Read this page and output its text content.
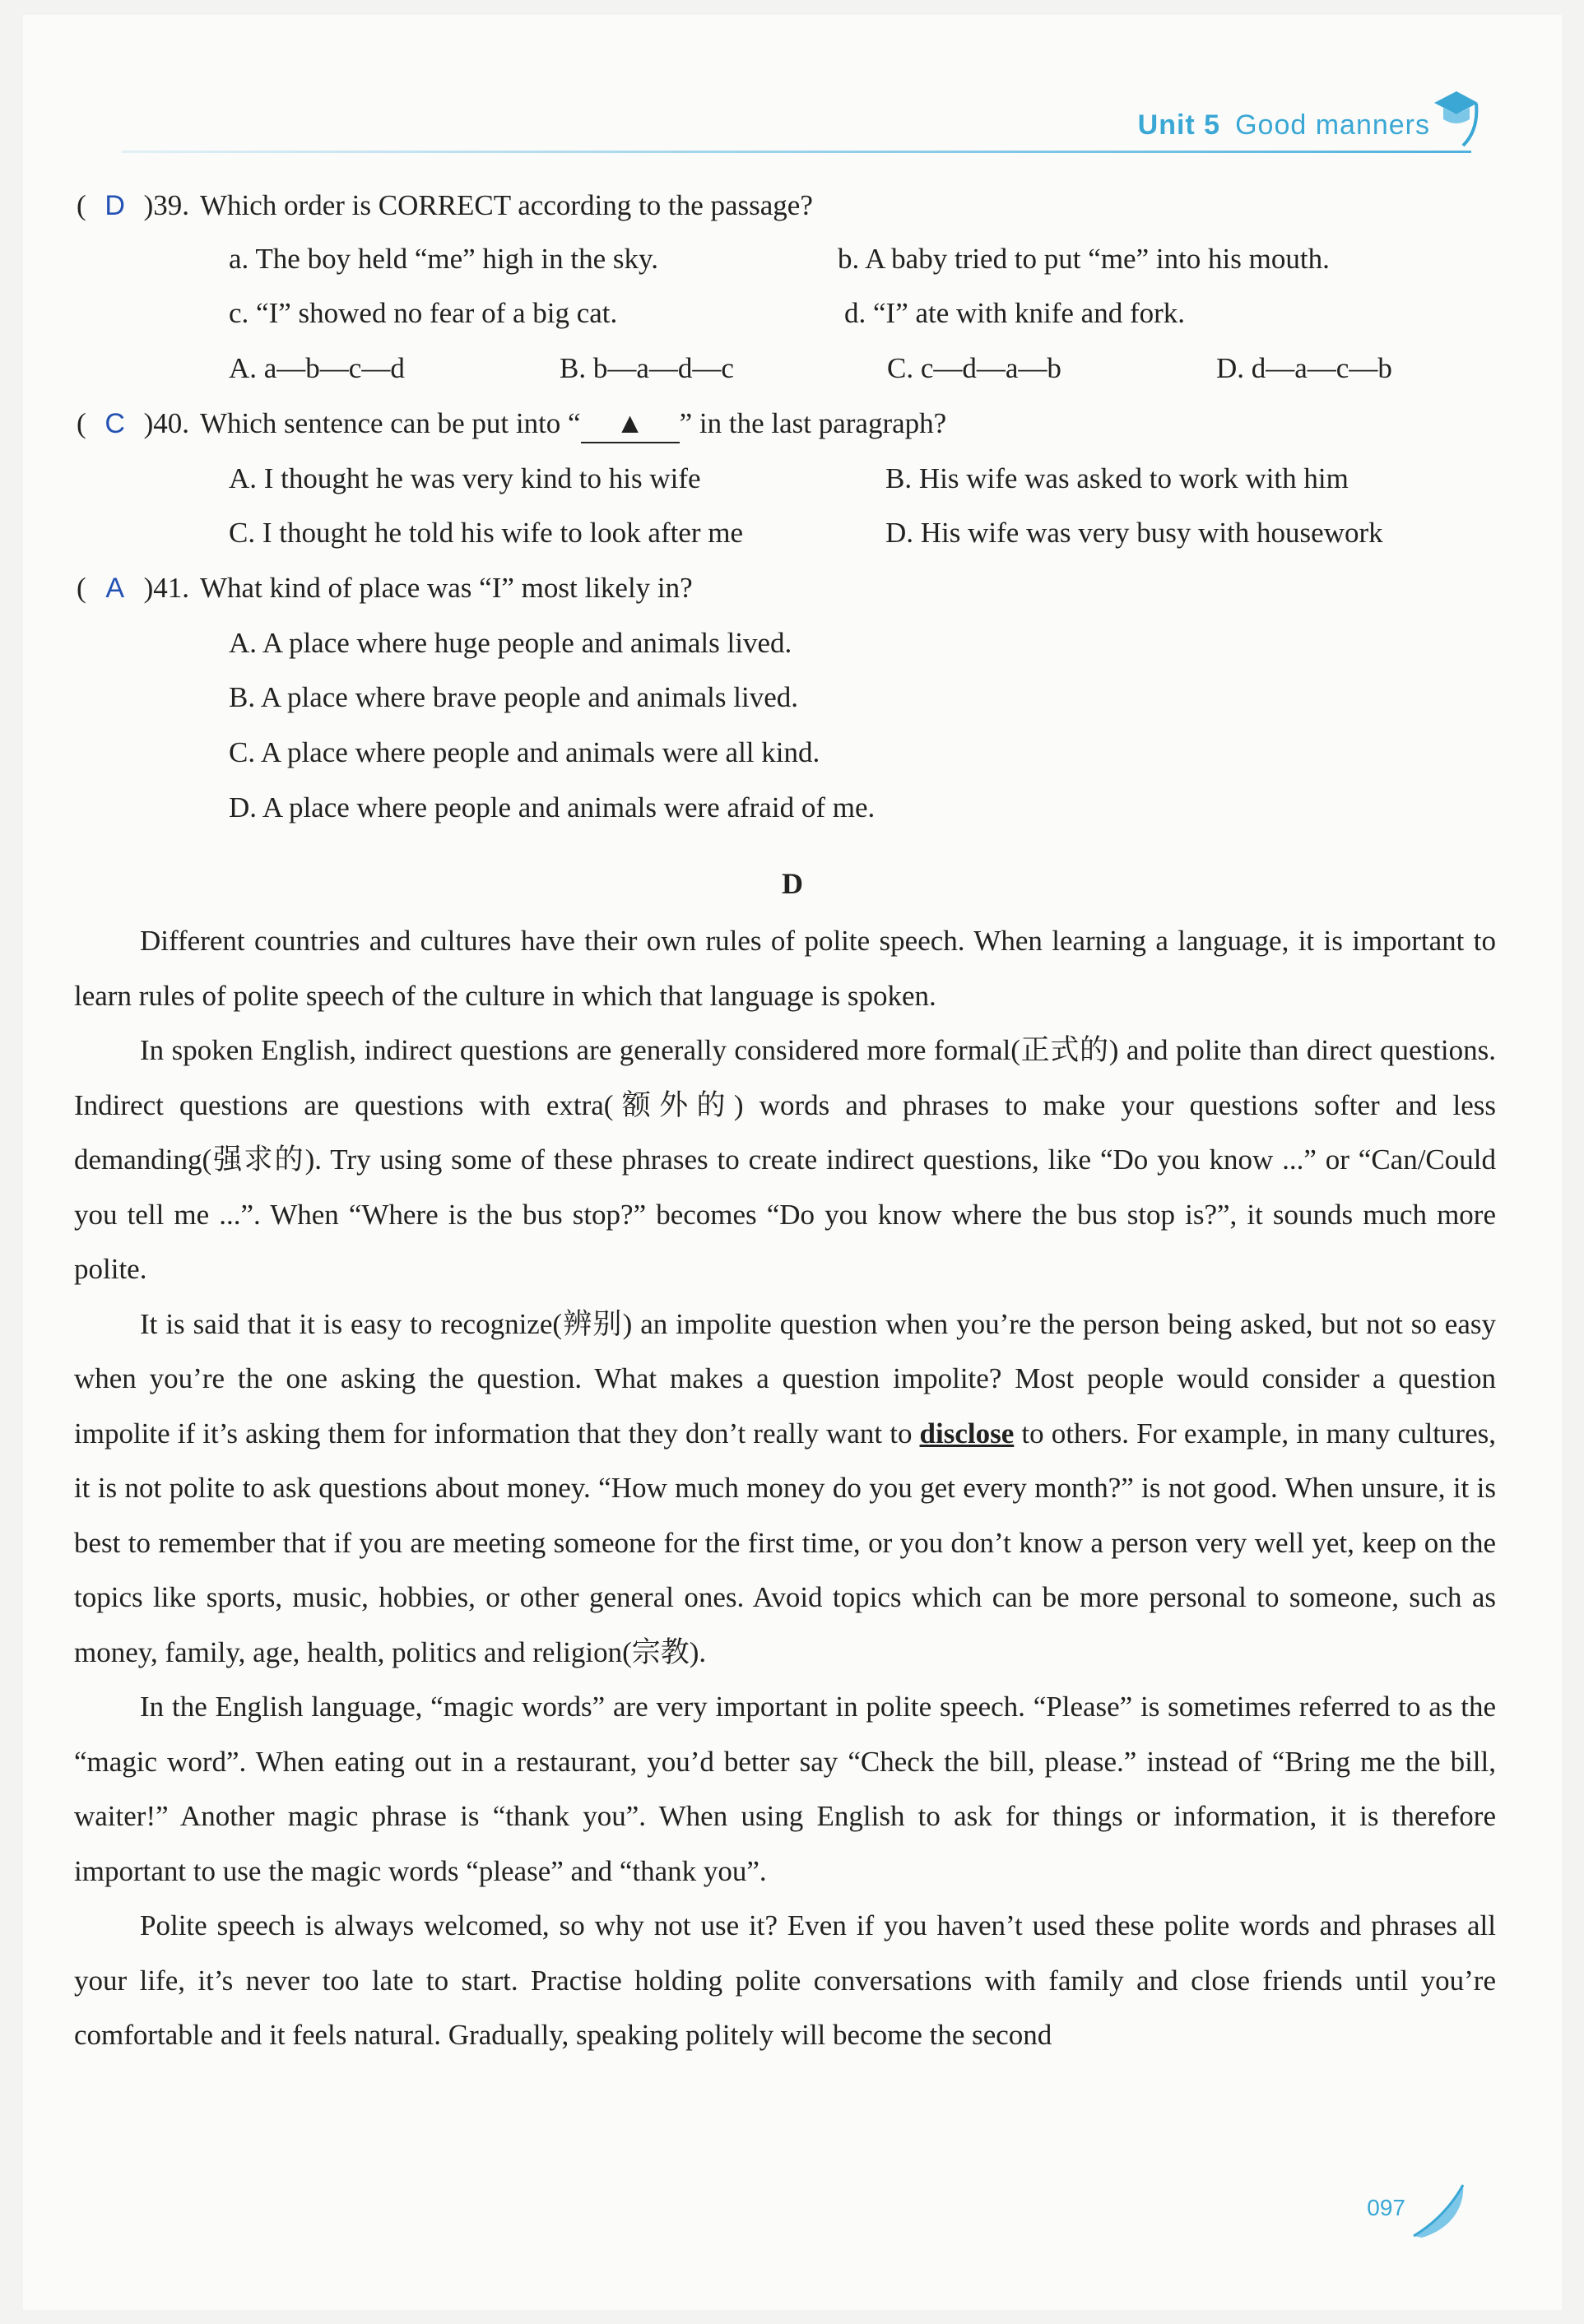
Unit 5 Good manners
( D )39. Which order is CORRECT according to the passage?
a. The boy held “me” high in the sky.	b. A baby tried to put “me” into his mouth.
c. “I” showed no fear of a big cat.	d. “I” ate with knife and fork.
A. a—b—c—d	B. b—a—d—c	C. c—d—a—b	D. d—a—c—b
( C )40. Which sentence can be put into “ ▲ ” in the last paragraph?
A. I thought he was very kind to his wife	B. His wife was asked to work with him
C. I thought he told his wife to look after me	D. His wife was very busy with housework
( A )41. What kind of place was “I” most likely in?
A. A place where huge people and animals lived.
B. A place where brave people and animals lived.
C. A place where people and animals were all kind.
D. A place where people and animals were afraid of me.
D

Different countries and cultures have their own rules of polite speech. When learning a language, it is important to learn rules of polite speech of the culture in which that language is spoken.

In spoken English, indirect questions are generally considered more formal(正式的) and polite than direct questions. Indirect questions are questions with extra(额外的) words and phrases to make your questions softer and less demanding(强求的). Try using some of these phrases to create indirect questions, like “Do you know ...” or “Can/Could you tell me ...”. When “Where is the bus stop?” becomes “Do you know where the bus stop is?”, it sounds much more polite.

It is said that it is easy to recognize(辨别) an impolite question when you’re the person being asked, but not so easy when you’re the one asking the question. What makes a question impolite? Most people would consider a question impolite if it’s asking them for information that they don’t really want to disclose to others. For example, in many cultures, it is not polite to ask questions about money. “How much money do you get every month?” is not good. When unsure, it is best to remember that if you are meeting someone for the first time, or you don’t know a person very well yet, keep on the topics like sports, music, hobbies, or other general ones. Avoid topics which can be more personal to someone, such as money, family, age, health, politics and religion(宗教).

In the English language, “magic words” are very important in polite speech. “Please” is sometimes referred to as the “magic word”. When eating out in a restaurant, you’d better say “Check the bill, please.” instead of “Bring me the bill, waiter!” Another magic phrase is “thank you”. When using English to ask for things or information, it is therefore important to use the magic words “please” and “thank you”.

Polite speech is always welcomed, so why not use it? Even if you haven’t used these polite words and phrases all your life, it’s never too late to start. Practise holding polite conversations with family and close friends until you’re comfortable and it feels natural. Gradually, speaking politely will become the second

097
